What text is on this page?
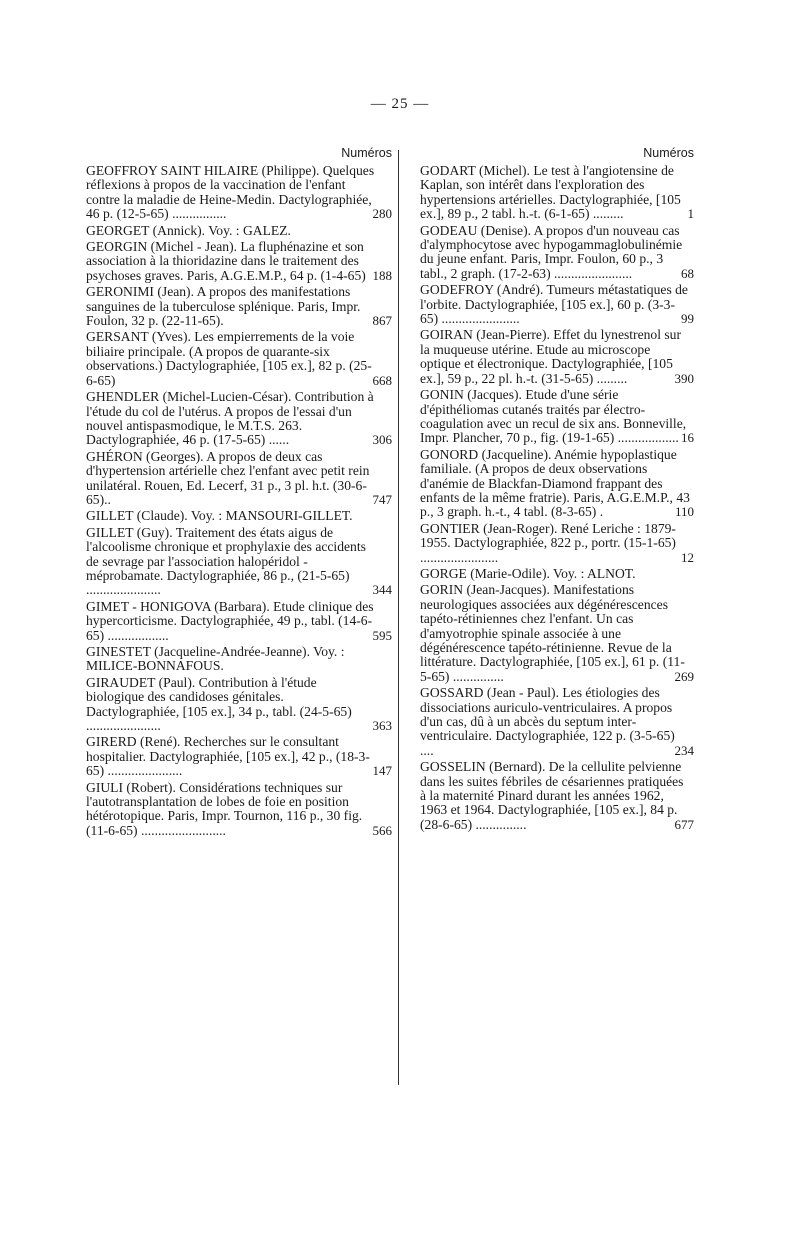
— 25 —
Numéros
GEOFFROY SAINT HILAIRE (Philippe). Quelques réflexions à propos de la vaccination de l'enfant contre la maladie de Heine-Medin. Dactylographiée, 46 p. (12-5-65) ................	280
GEORGET (Annick). Voy. : GALEZ.
GEORGIN (Michel - Jean). La fluphénazine et son association à la thioridazine dans le traitement des psychoses graves. Paris, A.G.E.M.P., 64 p. (1-4-65) 188
GERONIMI (Jean). A propos des manifestations sanguines de la tuberculose splénique. Paris, Impr. Foulon, 32 p. (22-11-65).	867
GERSANT (Yves). Les empierrements de la voie biliaire principale. (A propos de quarante-six observations.) Dactylographiée, [105 ex.], 82 p. (25-6-65)	668
GHENDLER (Michel-Lucien-César). Contribution à l'étude du col de l'utérus. A propos de l'essai d'un nouvel antispasmodique, le M.T.S. 263. Dactylographiée, 46 p. (17-5-65) ......	306
GHÉRON (Georges). A propos de deux cas d'hypertension artérielle chez l'enfant avec petit rein unilatéral. Rouen, Ed. Lecerf, 31 p., 3 pl. h.t. (30-6-65)..	747
GILLET (Claude). Voy. : MANSOURI-GILLET.
GILLET (Guy). Traitement des états aigus de l'alcoolisme chronique et prophylaxie des accidents de sevrage par l'association halopéridol - méprobamate. Dactylographiée, 86 p., (21-5-65) ......................	344
GIMET - HONIGOVA (Barbara). Etude clinique des hypercorticisme. Dactylographiée, 49 p., tabl. (14-6-65) ..................	595
GINESTET (Jacqueline-Andrée-Jeanne). Voy. : MILICE-BONNAFOUS.
GIRAUDET (Paul). Contribution à l'étude biologique des candidoses génitales. Dactylographiée, [105 ex.], 34 p., tabl. (24-5-65) ......................	363
GIRERD (René). Recherches sur le consultant hospitalier. Dactylographiée, [105 ex.], 42 p., (18-3-65) ......................	147
GIULI (Robert). Considérations techniques sur l'autotransplantation de lobes de foie en position hétérotopique. Paris, Impr. Tournon, 116 p., 30 fig. (11-6-65) .........................	566
Numéros
GODART (Michel). Le test à l'angiotensine de Kaplan, son intérêt dans l'exploration des hypertensions artérielles. Dactylographiée, [105 ex.], 89 p., 2 tabl. h.-t. (6-1-65) .........	1
GODEAU (Denise). A propos d'un nouveau cas d'alymphocytose avec hypogammaglobulinémie du jeune enfant. Paris, Impr. Foulon, 60 p., 3 tabl., 2 graph. (17-2-63) .......................	68
GODEFROY (André). Tumeurs métastatiques de l'orbite. Dactylographiée, [105 ex.], 60 p. (3-3-65) .......................	99
GOIRAN (Jean-Pierre). Effet du lynestrenol sur la muqueuse utérine. Etude au microscope optique et électronique. Dactylographiée, [105 ex.], 59 p., 22 pl. h.-t. (31-5-65) .........	390
GONIN (Jacques). Etude d'une série d'épithéliomas cutanés traités par électro-coagulation avec un recul de six ans. Bonneville, Impr. Plancher, 70 p., fig. (19-1-65) .................. 16
GONORD (Jacqueline). Anémie hypoplastique familiale. (A propos de deux observations d'anémie de Blackfan-Diamond frappant des enfants de la même fratrie). Paris, A.G.E.M.P., 43 p., 3 graph. h.-t., 4 tabl. (8-3-65) .	110
GONTIER (Jean-Roger). René Leriche : 1879-1955. Dactylographiée, 822 p., portr. (15-1-65) .......................	12
GORGE (Marie-Odile). Voy. : ALNOT.
GORIN (Jean-Jacques). Manifestations neurologiques associées aux dégénérescences tapéto-rétiniennes chez l'enfant. Un cas d'amyotrophie spinale associée à une dégénérescence tapéto-rétinienne. Revue de la littérature. Dactylographiée, [105 ex.], 61 p. (11-5-65) ...............	269
GOSSARD (Jean - Paul). Les étiologies des dissociations auriculo-ventriculaires. A propos d'un cas, dû à un abcès du septum inter-ventriculaire. Dactylographiée, 122 p. (3-5-65) ....	234
GOSSELIN (Bernard). De la cellulite pelvienne dans les suites fébriles de césariennes pratiquées à la maternité Pinard durant les années 1962, 1963 et 1964. Dactylographiée, [105 ex.], 84 p. (28-6-65) ...............	677
